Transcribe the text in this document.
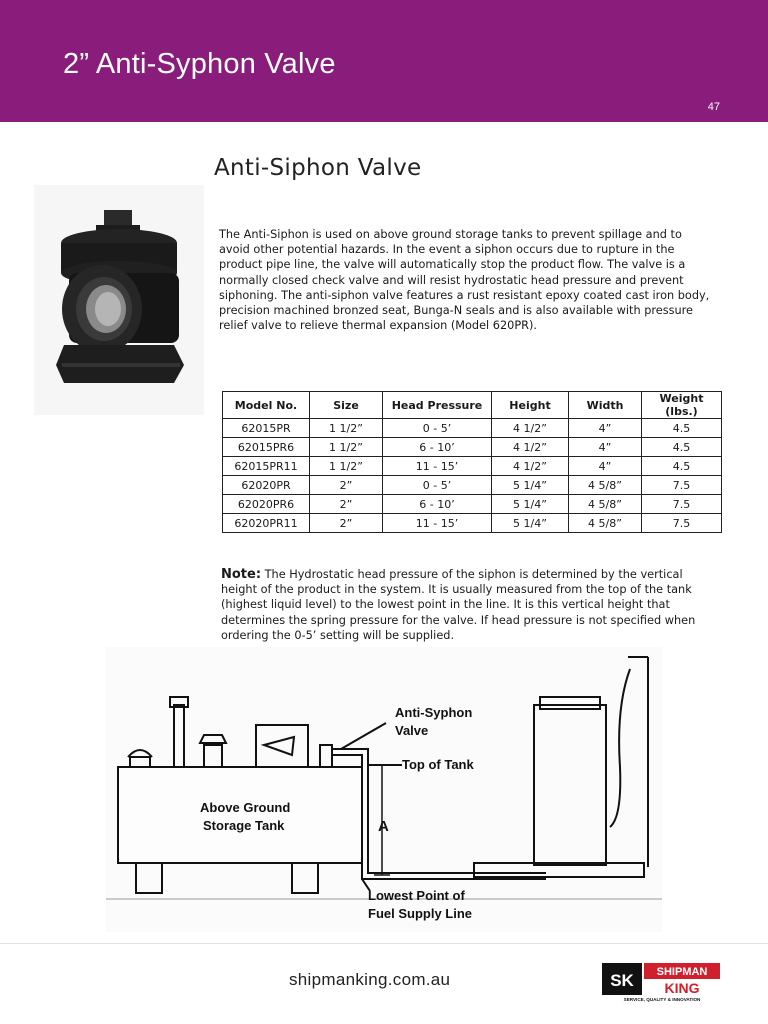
2” Anti-Syphon Valve
47
Anti-Siphon Valve
The Anti-Siphon is used on above ground storage tanks to prevent spillage and to avoid other potential hazards. In the event a siphon occurs due to rupture in the product pipe line, the valve will automatically stop the product flow. The valve is a normally closed check valve and will resist hydrostatic head pressure and prevent siphoning. The anti-siphon valve features a rust resistant epoxy coated cast iron body, precision machined bronzed seat, Bunga-N seals and is also available with pressure relief valve to relieve thermal expansion (Model 620PR).
Model No.	Size	Head Pressure	Height	Width	Weight (lbs.)
62015PR	1 1/2”	0 - 5’	4 1/2”	4”	4.5
62015PR6	1 1/2”	6 - 10’	4 1/2”	4”	4.5
62015PR11	1 1/2”	11 - 15’	4 1/2”	4”	4.5
62020PR	2”	0 - 5’	5 1/4”	4 5/8”	7.5
62020PR6	2”	6 - 10’	5 1/4”	4 5/8”	7.5
62020PR11	2”	11 - 15’	5 1/4”	4 5/8”	7.5
Note: The Hydrostatic head pressure of the siphon is determined by the vertical height of the product in the system. It is usually measured from the top of the tank (highest liquid level) to the lowest point in the line. It is this vertical height that determines the spring pressure for the valve. If head pressure is not specified when ordering the 0-5’ setting will be supplied.
Anti-Syphon
Valve
Top of Tank
Above Ground
Storage Tank	A
Lowest Point of
Fuel Supply Line
shipmanking.com.au	SK SHIPMAN
KING
SERVICE, QUALITY & INNOVATION
